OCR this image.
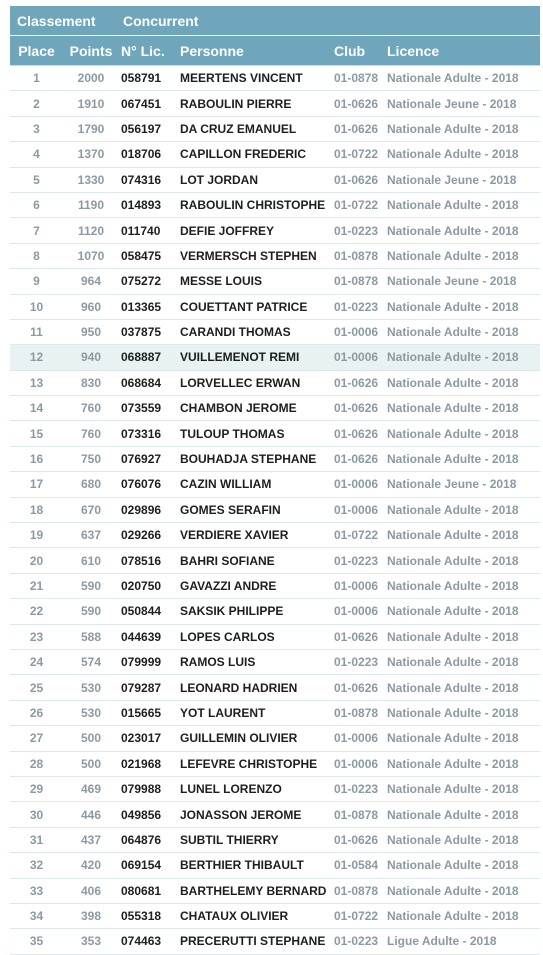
Classement	Concurrent
Place	Points N° Lic.	Personne	Club	Licence
1	2000	058791	MEERTENS VINCENT	01-0878 Nationale Adulte - 2018
2	1910	067451	RABOULIN PIERRE	01-0626 Nationale Jeune - 2018
3	1790	056197	DA CRUZ EMANUEL	01-0626 Nationale Adulte - 2018
4	1370	018706	CAPILLON FREDERIC	01-0722 Nationale Adulte - 2018
5	1330	074316	LOT JORDAN	01-0626 Nationale Jeune - 2018
6	1190	014893	RABOULIN CHRISTOPHE 01-0722 Nationale Adulte - 2018
7	1120	011740	DEFIE JOFFREY	01-0223 Nationale Adulte - 2018
8	1070	058475	VERMERSCH STEPHEN	01-0878 Nationale Adulte - 2018
9	964	075272	MESSE LOUIS	01-0878 Nationale Jeune - 2018
10	960	013365	COUETTANT PATRICE	01-0223 Nationale Adulte - 2018
11	950	037875	CARANDI THOMAS	01-0006 Nationale Adulte - 2018
12	940	068887	VUILLEMENOT REMI	01-0006 Nationale Adulte - 2018
13	830	068684	LORVELLEC ERWAN	01-0626 Nationale Adulte - 2018
14	760	073559	CHAMBON JEROME	01-0626 Nationale Adulte - 2018
15	760	073316	TULOUP THOMAS	01-0626 Nationale Adulte - 2018
16	750	076927	BOUHADJA STEPHANE	01-0626 Nationale Adulte - 2018
17	680	076076	CAZIN WILLIAM	01-0006 Nationale Jeune - 2018
18	670	029896	GOMES SERAFIN	01-0006 Nationale Adulte - 2018
19	637	029266	VERDIERE XAVIER	01-0722 Nationale Adulte - 2018
20	610	078516	BAHRI SOFIANE	01-0223 Nationale Adulte - 2018
21	590	020750	GAVAZZI ANDRE	01-0006 Nationale Adulte - 2018
22	590	050844	SAKSIK PHILIPPE	01-0006 Nationale Adulte - 2018
23	588	044639	LOPES CARLOS	01-0626 Nationale Adulte - 2018
24	574	079999	RAMOS LUIS	01-0223 Nationale Adulte - 2018
25	530	079287	LEONARD HADRIEN	01-0626 Nationale Adulte - 2018
26	530	015665	YOT LAURENT	01-0878 Nationale Adulte - 2018
27	500	023017	GUILLEMIN OLIVIER	01-0006 Nationale Adulte - 2018
28	500	021968	LEFEVRE CHRISTOPHE	01-0006 Nationale Adulte - 2018
29	469	079988	LUNEL LORENZO	01-0223 Nationale Adulte - 2018
30	446	049856	JONASSON JEROME	01-0878 Nationale Adulte - 2018
31	437	064876	SUBTIL THIERRY	01-0626 Nationale Adulte - 2018
32	420	069154	BERTHIER THIBAULT	01-0584 Nationale Adulte - 2018
33	406	080681	BARTHELEMY BERNARD 01-0878 Nationale Adulte - 2018
34	398	055318	CHATAUX OLIVIER	01-0722 Nationale Adulte - 2018
35	353	074463	PRECERUTTI STEPHANE 01-0223 Ligue Adulte - 2018
